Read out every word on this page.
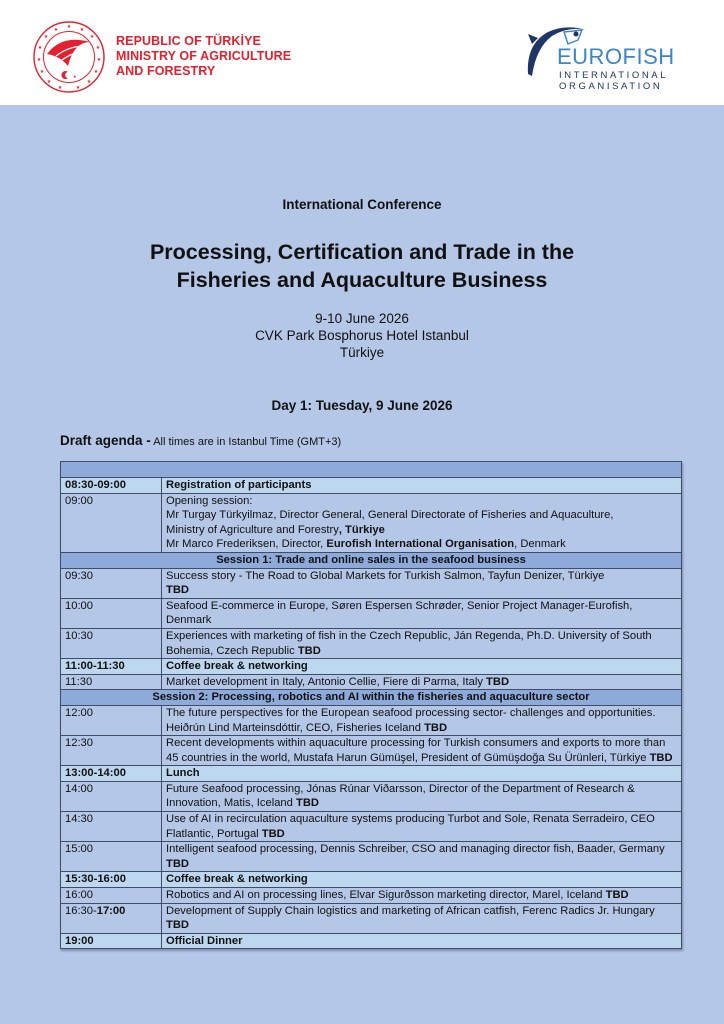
★ ★
★
★
★
★
★
★
★
★
★
★
★
★
★
★
REPUBLIC OF TÜRKİYE
MINISTRY OF AGRICULTURE
AND FORESTRY
EUROFISH
INTERNATIONAL
ORGANISATION
International Conference
Processing, Certification and Trade in the
Fisheries and Aquaculture Business
9-10 June 2026
CVK Park Bosphorus Hotel Istanbul
Türkiye
Day 1: Tuesday, 9 June 2026
Draft agenda - All times are in Istanbul Time (GMT+3)

08:30-09:00	Registration of participants
09:00	Opening session:
Mr Turgay Türkyilmaz, Director General, General Directorate of Fisheries and Aquaculture,
Ministry of Agriculture and Forestry, Türkiye
Mr Marco Frederiksen, Director, Eurofish International Organisation, Denmark

Session 1: Trade and online sales in the seafood business	
09:30	Success story - The Road to Global Markets for Turkish Salmon, Tayfun Denizer, Türkiye
TBD
10:00	Seafood E-commerce in Europe, Søren Espersen Schrøder, Senior Project Manager-Eurofish, Denmark
10:30	Experiences with marketing of fish in the Czech Republic, Ján Regenda, Ph.D. University of South Bohemia, Czech Republic TBD
11:00-11:30	Coffee break & networking
11:30	Market development in Italy, Antonio Cellie, Fiere di Parma, Italy TBD
Session 2: Processing, robotics and AI within the fisheries and aquaculture sector	
12:00	The future perspectives for the European seafood processing sector- challenges and opportunities. Heiðrún Lind Marteinsdóttir, CEO, Fisheries Iceland TBD
12:30	Recent developments within aquaculture processing for Turkish consumers and exports to more than 45 countries in the world, Mustafa Harun Gümüşel, President of Gümüşdoğa Su Ürünleri, Türkiye TBD
13:00-14:00	Lunch
14:00	Future Seafood processing, Jónas Rúnar Viðarsson, Director of the Department of Research & Innovation, Matis, Iceland TBD
14:30	Use of AI in recirculation aquaculture systems producing Turbot and Sole, Renata Serradeiro, CEO Flatlantic, Portugal TBD
15:00	Intelligent seafood processing, Dennis Schreiber, CSO and managing director fish, Baader, Germany TBD
15:30-16:00	Coffee break & networking
16:00	Robotics and AI on processing lines, Elvar Sigurðsson marketing director, Marel, Iceland TBD
16:30-17:00	Development of Supply Chain logistics and marketing of African catfish, Ferenc Radics Jr. Hungary TBD
19:00	Official Dinner
